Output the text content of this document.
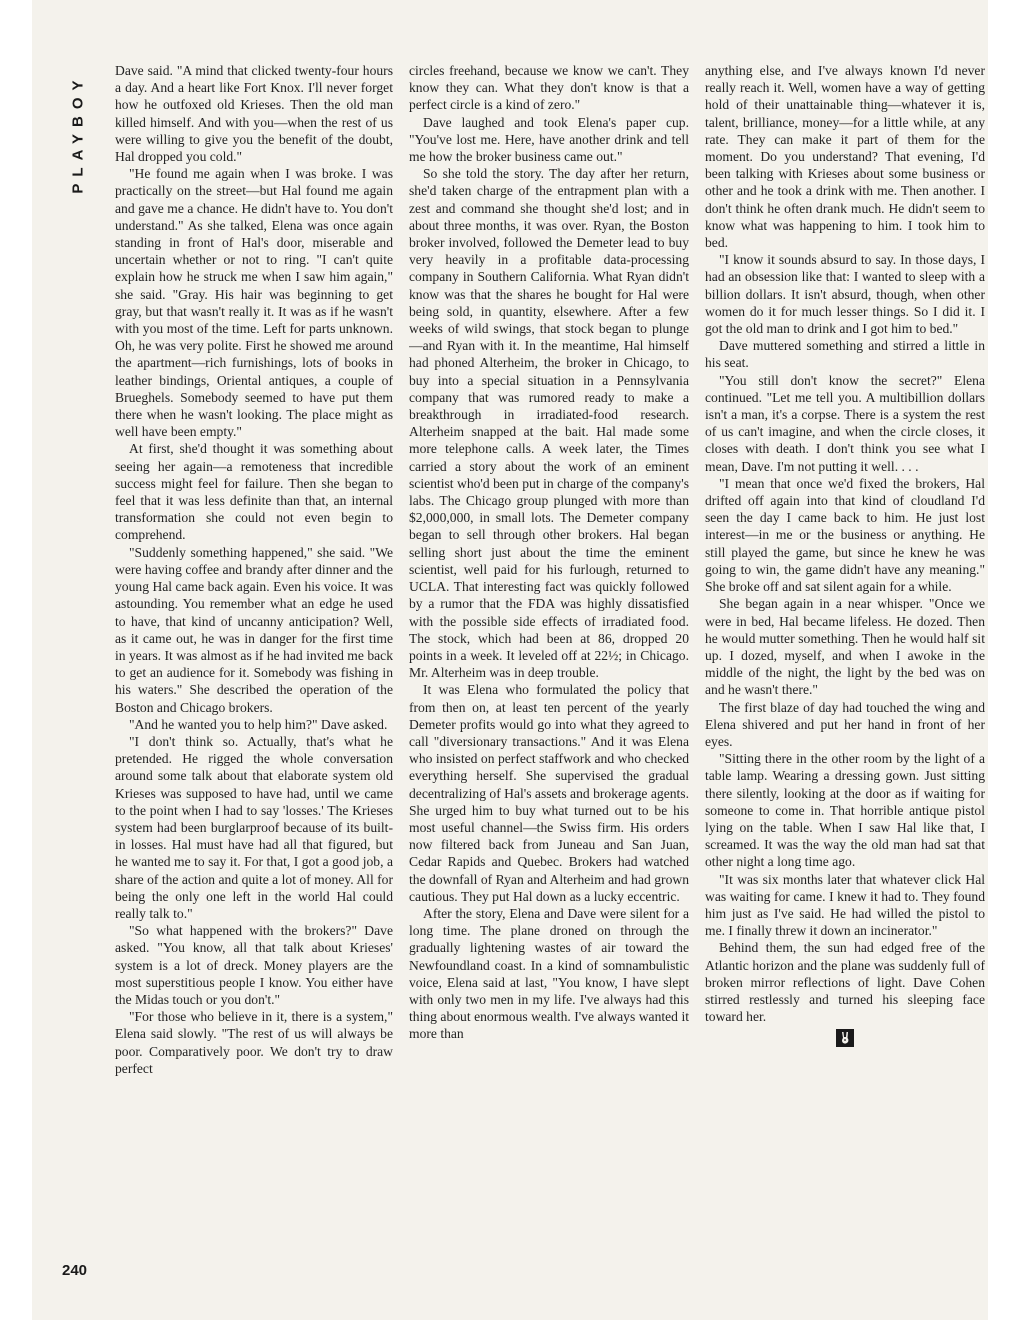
PLAYBOY

Dave said. "A mind that clicked twenty-four hours a day. And a heart like Fort Knox. I'll never forget how he outfoxed old Krieses. Then the old man killed himself. And with you—when the rest of us were willing to give you the benefit of the doubt, Hal dropped you cold."

"He found me again when I was broke. I was practically on the street—but Hal found me again and gave me a chance. He didn't have to. You don't understand." As she talked, Elena was once again standing in front of Hal's door, miserable and uncertain whether or not to ring. "I can't quite explain how he struck me when I saw him again," she said. "Gray. His hair was beginning to get gray, but that wasn't really it. It was as if he wasn't with you most of the time. Left for parts unknown. Oh, he was very polite. First he showed me around the apartment—rich furnishings, lots of books in leather bindings, Oriental antiques, a couple of Brueghels. Somebody seemed to have put them there when he wasn't looking. The place might as well have been empty."

At first, she'd thought it was something about seeing her again—a remoteness that incredible success might feel for failure. Then she began to feel that it was less definite than that, an internal transformation she could not even begin to comprehend.

"Suddenly something happened," she said. "We were having coffee and brandy after dinner and the young Hal came back again. Even his voice. It was astounding. You remember what an edge he used to have, that kind of uncanny anticipation? Well, as it came out, he was in danger for the first time in years. It was almost as if he had invited me back to get an audience for it. Somebody was fishing in his waters." She described the operation of the Boston and Chicago brokers.

"And he wanted you to help him?" Dave asked.

"I don't think so. Actually, that's what he pretended. He rigged the whole conversation around some talk about that elaborate system old Krieses was supposed to have had, until we came to the point when I had to say 'losses.' The Krieses system had been burglarproof because of its built-in losses. Hal must have had all that figured, but he wanted me to say it. For that, I got a good job, a share of the action and quite a lot of money. All for being the only one left in the world Hal could really talk to."

"So what happened with the brokers?" Dave asked. "You know, all that talk about Krieses' system is a lot of dreck. Money players are the most superstitious people I know. You either have the Midas touch or you don't."

"For those who believe in it, there is a system," Elena said slowly. "The rest of us will always be poor. Comparatively poor. We don't try to draw perfect

circles freehand, because we know we can't. They know they can. What they don't know is that a perfect circle is a kind of zero."

Dave laughed and took Elena's paper cup. "You've lost me. Here, have another drink and tell me how the broker business came out."

So she told the story. The day after her return, she'd taken charge of the entrapment plan with a zest and command she thought she'd lost; and in about three months, it was over. Ryan, the Boston broker involved, followed the Demeter lead to buy very heavily in a profitable data-processing company in Southern California. What Ryan didn't know was that the shares he bought for Hal were being sold, in quantity, elsewhere. After a few weeks of wild swings, that stock began to plunge—and Ryan with it. In the meantime, Hal himself had phoned Alterheim, the broker in Chicago, to buy into a special situation in a Pennsylvania company that was rumored ready to make a breakthrough in irradiated-food research. Alterheim snapped at the bait. Hal made some more telephone calls. A week later, the Times carried a story about the work of an eminent scientist who'd been put in charge of the company's labs. The Chicago group plunged with more than $2,000,000, in small lots. The Demeter company began to sell through other brokers. Hal began selling short just about the time the eminent scientist, well paid for his furlough, returned to UCLA. That interesting fact was quickly followed by a rumor that the FDA was highly dissatisfied with the possible side effects of irradiated food. The stock, which had been at 86, dropped 20 points in a week. It leveled off at 22½; in Chicago. Mr. Alterheim was in deep trouble.

It was Elena who formulated the policy that from then on, at least ten percent of the yearly Demeter profits would go into what they agreed to call "diversionary transactions." And it was Elena who insisted on perfect staffwork and who checked everything herself. She supervised the gradual decentralizing of Hal's assets and brokerage agents. She urged him to buy what turned out to be his most useful channel—the Swiss firm. His orders now filtered back from Juneau and San Juan, Cedar Rapids and Quebec. Brokers had watched the downfall of Ryan and Alterheim and had grown cautious. They put Hal down as a lucky eccentric.

After the story, Elena and Dave were silent for a long time. The plane droned on through the gradually lightening wastes of air toward the Newfoundland coast. In a kind of somnambulistic voice, Elena said at last, "You know, I have slept with only two men in my life. I've always had this thing about enormous wealth. I've always wanted it more than

anything else, and I've always known I'd never really reach it. Well, women have a way of getting hold of their unattainable thing—whatever it is, talent, brilliance, money—for a little while, at any rate. They can make it part of them for the moment. Do you understand? That evening, I'd been talking with Krieses about some business or other and he took a drink with me. Then another. I don't think he often drank much. He didn't seem to know what was happening to him. I took him to bed.

"I know it sounds absurd to say. In those days, I had an obsession like that: I wanted to sleep with a billion dollars. It isn't absurd, though, when other women do it for much lesser things. So I did it. I got the old man to drink and I got him to bed."

Dave muttered something and stirred a little in his seat.

"You still don't know the secret?" Elena continued. "Let me tell you. A multibillion dollars isn't a man, it's a corpse. There is a system the rest of us can't imagine, and when the circle closes, it closes with death. I don't think you see what I mean, Dave. I'm not putting it well. . . .

"I mean that once we'd fixed the brokers, Hal drifted off again into that kind of cloudland I'd seen the day I came back to him. He just lost interest—in me or the business or anything. He still played the game, but since he knew he was going to win, the game didn't have any meaning." She broke off and sat silent again for a while.

She began again in a near whisper. "Once we were in bed, Hal became lifeless. He dozed. Then he would mutter something. Then he would half sit up. I dozed, myself, and when I awoke in the middle of the night, the light by the bed was on and he wasn't there."

The first blaze of day had touched the wing and Elena shivered and put her hand in front of her eyes.

"Sitting there in the other room by the light of a table lamp. Wearing a dressing gown. Just sitting there silently, looking at the door as if waiting for someone to come in. That horrible antique pistol lying on the table. When I saw Hal like that, I screamed. It was the way the old man had sat that other night a long time ago.

"It was six months later that whatever click Hal was waiting for came. I knew it had to. They found him just as I've said. He had willed the pistol to me. I finally threw it down an incinerator."

Behind them, the sun had edged free of the Atlantic horizon and the plane was suddenly full of broken mirror reflections of light. Dave Cohen stirred restlessly and turned his sleeping face toward her.

240
